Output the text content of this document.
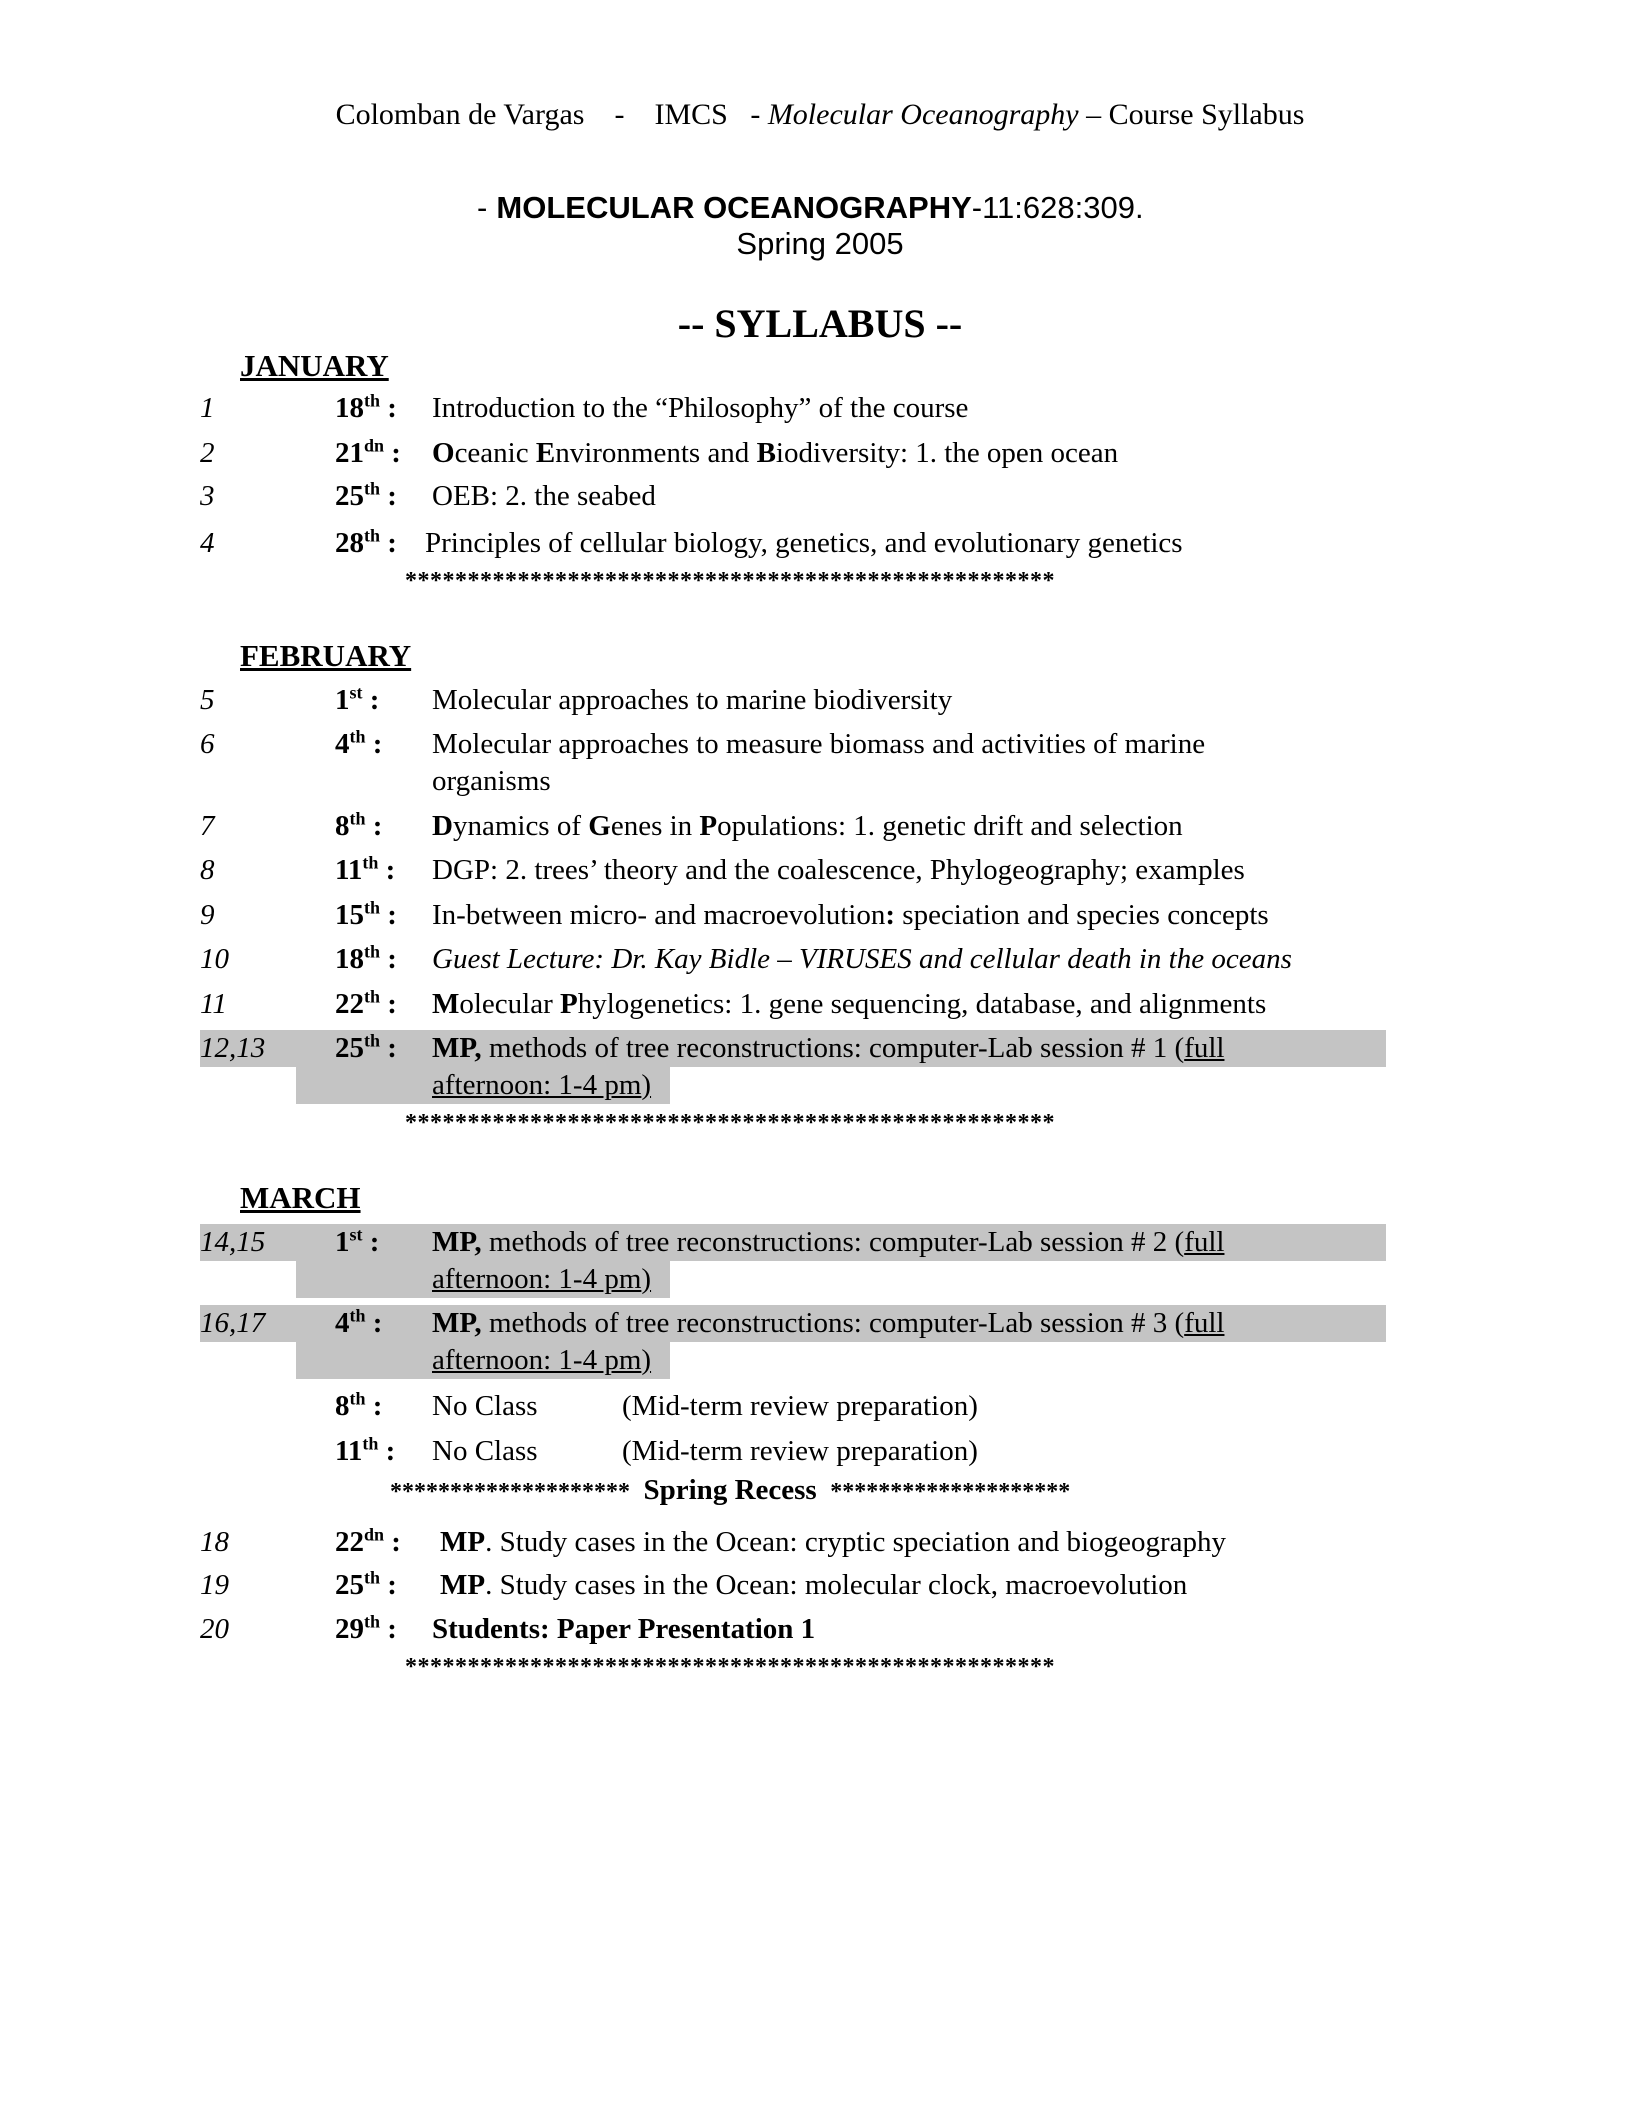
Colomban de Vargas - IMCS - Molecular Oceanography – Course Syllabus
- MOLECULAR OCEANOGRAPHY-11:628:309.
Spring 2005
-- SYLLABUS --
JANUARY
1	18th : Introduction to the “Philosophy” of the course
2	$21^{dn}$ : Oceanic Environments and Biodiversity: 1. the open ocean
3	25th : OEB: 2. the seabed
4	28th : Principles of cellular biology, genetics, and evolutionary genetics
****************************************************
FEBRUARY
5	1st : Molecular approaches to marine biodiversity
6	4th : Molecular approaches to measure biomass and activities of marine
organisms
7	8th : Dynamics of Genes in Populations: 1. genetic drift and selection
8	11th : DGP: 2. trees’ theory and the coalescence, Phylogeography; examples
9	15th : In-between micro- and macroevolution: speciation and species concepts
10	18th : Guest Lecture: Dr. Kay Bidle – VIRUSES and cellular death in the oceans
11	22th : Molecular Phylogenetics: 1. gene sequencing, database, and alignments
12,13 25th : MP, methods of tree reconstructions: computer-Lab session # 1 (full
afternoon: 1-4 pm)
****************************************************
MARCH
14,15 1st : MP, methods of tree reconstructions: computer-Lab session # 2 (full
afternoon: 1-4 pm)
16,17 4th : MP, methods of tree reconstructions: computer-Lab session # 3 (full
afternoon: 1-4 pm)
8th : No Class	(Mid-term review preparation)
11th : No Class	(Mid-term review preparation)
******************** Spring Recess ********************
18	$22^{dn}$ : MP. Study cases in the Ocean: cryptic speciation and biogeography
19	25th : MP. Study cases in the Ocean: molecular clock, macroevolution
20	29th : Students: Paper Presentation 1
****************************************************
